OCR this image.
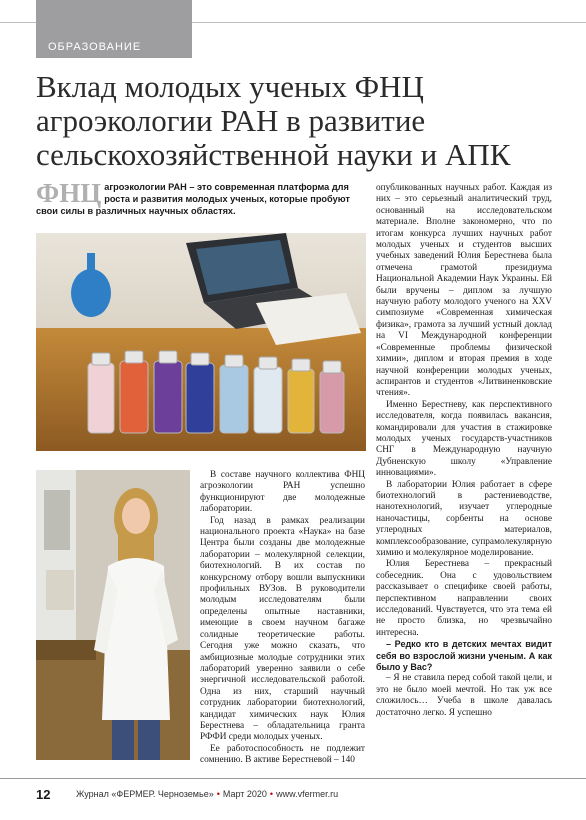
ОБРАЗОВАНИЕ
Вклад молодых ученых ФНЦ агроэкологии РАН в развитие сельскохозяйственной науки и АПК
ФНЦ агроэкологии РАН – это современная платформа для роста и развития молодых ученых, которые пробуют свои силы в различных научных областях.

В составе научного коллектива ФНЦ агроэкологии РАН успешно функционируют две молодежные лаборатории.

Год назад в рамках реализации национального проекта «Наука» на базе Центра были созданы две молодежные лаборатории – молекулярной селекции, биотехнологий. В их состав по конкурсному отбору вошли выпускники профильных ВУЗов. В руководители молодым исследователям были определены опытные наставники, имеющие в своем научном багаже солидные теоретические работы. Сегодня уже можно сказать, что амбициозные молодые сотрудники этих лабораторий уверенно заявили о себе энергичной исследовательской работой. Одна из них, старший научный сотрудник лаборатории биотехнологий, кандидат химических наук Юлия Берестнева – обладательница гранта РФФИ среди молодых ученых.

Ее работоспособность не подлежит сомнению. В активе Берестневой – 140

опубликованных научных работ. Каждая из них – это серьезный аналитический труд, основанный на исследовательском материале. Вполне закономерно, что по итогам конкурса лучших научных работ молодых ученых и студентов высших учебных заведений Юлия Берестнева была отмечена грамотой президиума Национальной Академии Наук Украины. Ей были вручены – диплом за лучшую научную работу молодого ученого на XXV симпозиуме «Современная химическая физика», грамота за лучший устный доклад на VI Международной конференции «Современные проблемы физической химии», диплом и вторая премия в ходе научной конференции молодых ученых, аспирантов и студентов «Литвиненковские чтения».

Именно Берестневу, как перспективного исследователя, когда появилась вакансия, командировали для участия в стажировке молодых ученых государств-участников СНГ в Международную научную Дубненскую школу «Управление инновациями».

В лаборатории Юлия работает в сфере биотехнологий в растениеводстве, нанотехнологий, изучает углеродные наночастицы, сорбенты на основе углеродных материалов, комплексообразование, супрамолекулярную химию и молекулярное моделирование.

Юлия Берестнева – прекрасный собеседник. Она с удовольствием рассказывает о специфике своей работы, перспективном направлении своих исследований. Чувствуется, что эта тема ей не просто близка, но чрезвычайно интересна.

– Редко кто в детских мечтах видит себя во взрослой жизни ученым. А как было у Вас?

– Я не ставила перед собой такой цели, и это не было моей мечтой. Но так уж все сложилось… Учеба в школе давалась достаточно легко. Я успешно

12	Журнал «ФЕРМЕР. Черноземье» • Март 2020 • www.vfermer.ru
